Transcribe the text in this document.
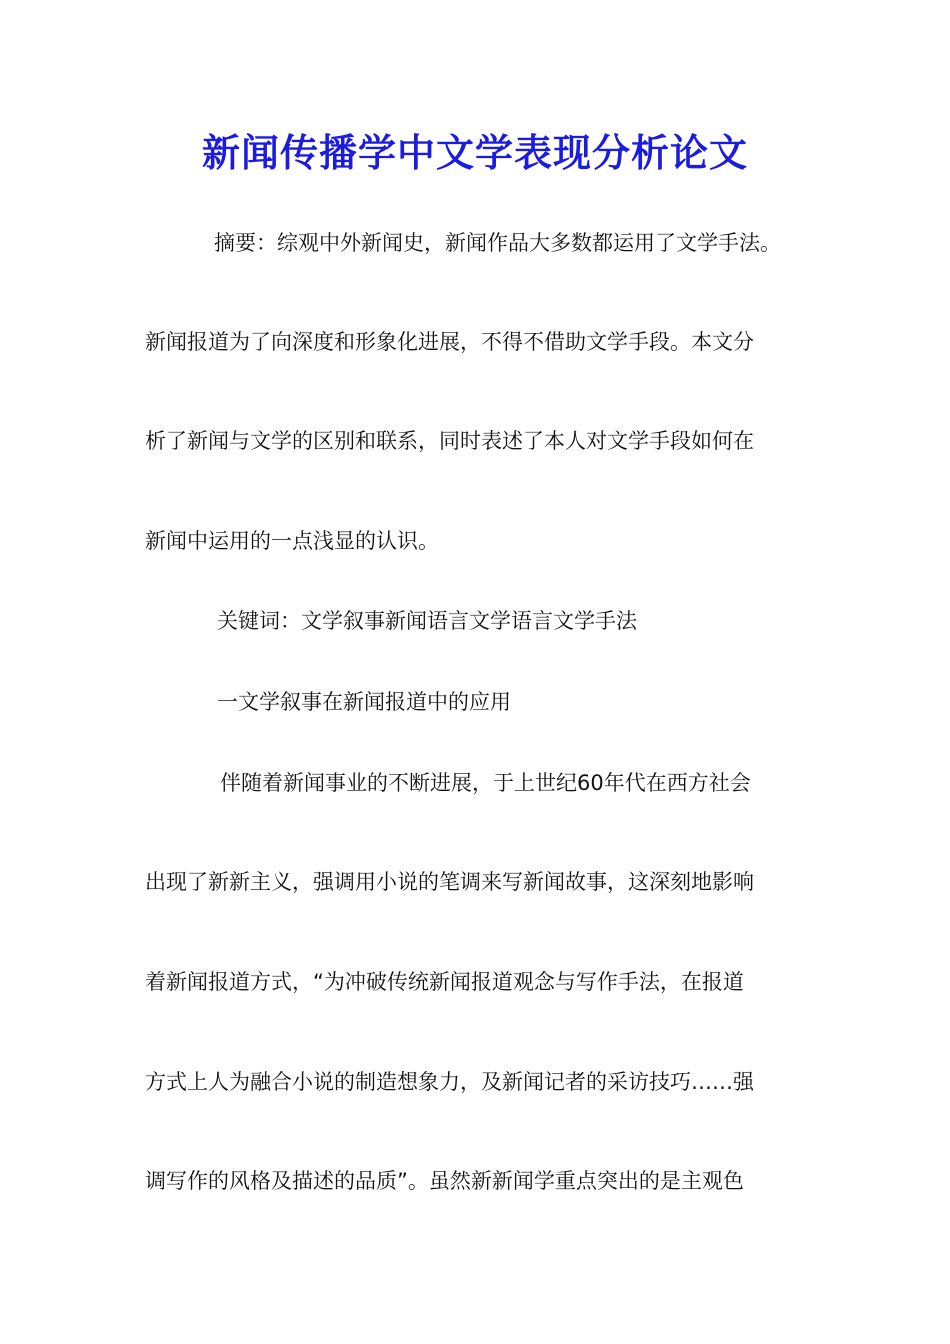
新闻传播学中文学表现分析论文
摘要：综观中外新闻史，新闻作品大多数都运用了文学手法。
新闻报道为了向深度和形象化进展，不得不借助文学手段。本文分
析了新闻与文学的区别和联系，同时表述了本人对文学手段如何在
新闻中运用的一点浅显的认识。
关键词：文学叙事新闻语言文学语言文学手法
一文学叙事在新闻报道中的应用
伴随着新闻事业的不断进展，于上世纪60年代在西方社会
出现了新新主义，强调用小说的笔调来写新闻故事，这深刻地影响
着新闻报道方式，“为冲破传统新闻报道观念与写作手法，在报道
方式上人为融合小说的制造想象力，及新闻记者的采访技巧……强
调写作的风格及描述的品质”。虽然新新闻学重点突出的是主观色
